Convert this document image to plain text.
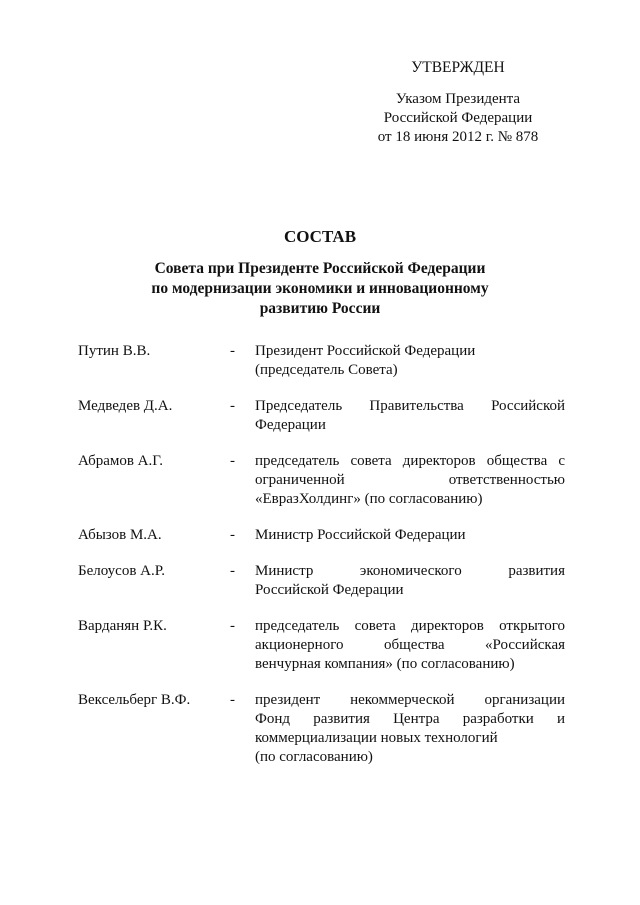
УТВЕРЖДЕН
Указом Президента
Российской Федерации
от 18 июня 2012 г. № 878
СОСТАВ
Совета при Президенте Российской Федерации
по модернизации экономики и инновационному
развитию России
Путин В.В.	- Президент Российской Федерации
(председатель Совета)
Медведев Д.А.	- Председатель Правительства Российской
Федерации
Абрамов А.Г.	- председатель совета директоров общества с
ограниченной ответственностью
«ЕвразХолдинг» (по согласованию)
Абызов М.А.	- Министр Российской Федерации
Белоусов А.Р.	- Министр экономического развития
Российской Федерации
Варданян Р.К.	- председатель совета директоров открытого
акционерного общества «Российская
венчурная компания» (по согласованию)
Вексельберг В.Ф.	- президент некоммерческой организации
Фонд развития Центра разработки и
коммерциализации новых технологий
(по согласованию)
